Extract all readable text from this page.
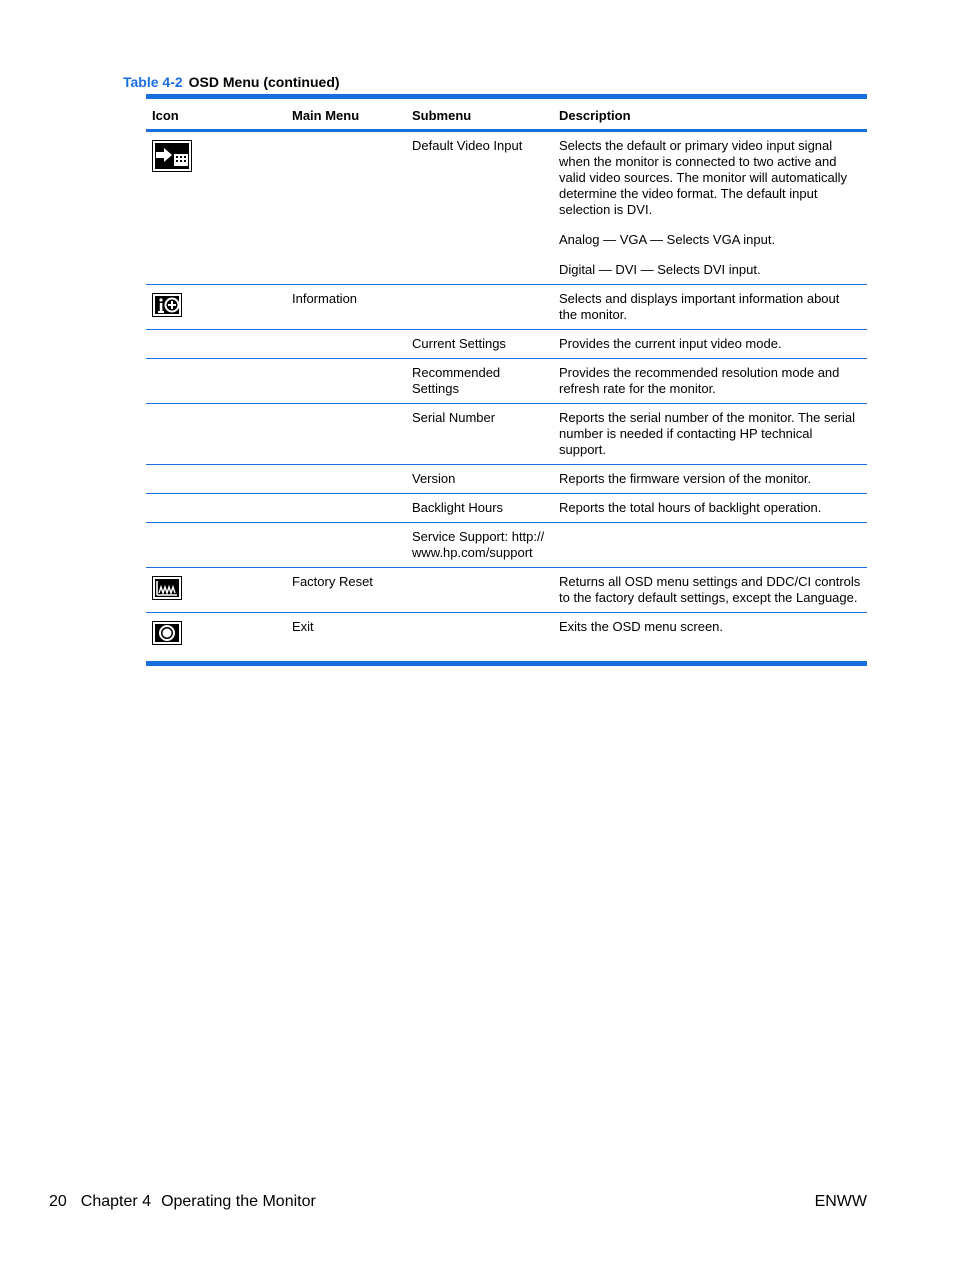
Table 4-2 OSD Menu (continued)
Icon	Main Menu	Submenu	Description

		Default Video Input	Selects the default or primary video input signal when the monitor is connected to two active and valid video sources. The monitor will automatically determine the video format. The default input selection is DVI.

Analog — VGA — Selects VGA input.

Digital — DVI — Selects DVI input.

	Information		Selects and displays important information about the monitor.

		Current Settings	Provides the current input video mode.

		Recommended Settings	Provides the recommended resolution mode and refresh rate for the monitor.

		Serial Number	Reports the serial number of the monitor. The serial number is needed if contacting HP technical support.

		Version	Reports the firmware version of the monitor.

		Backlight Hours	Reports the total hours of backlight operation.

		Service Support: http:// www.hp.com/support	

	Factory Reset		Returns all OSD menu settings and DDC/CI controls to the factory default settings, except the Language.

	Exit		Exits the OSD menu screen.

20 Chapter 4 Operating the Monitor	ENWW
